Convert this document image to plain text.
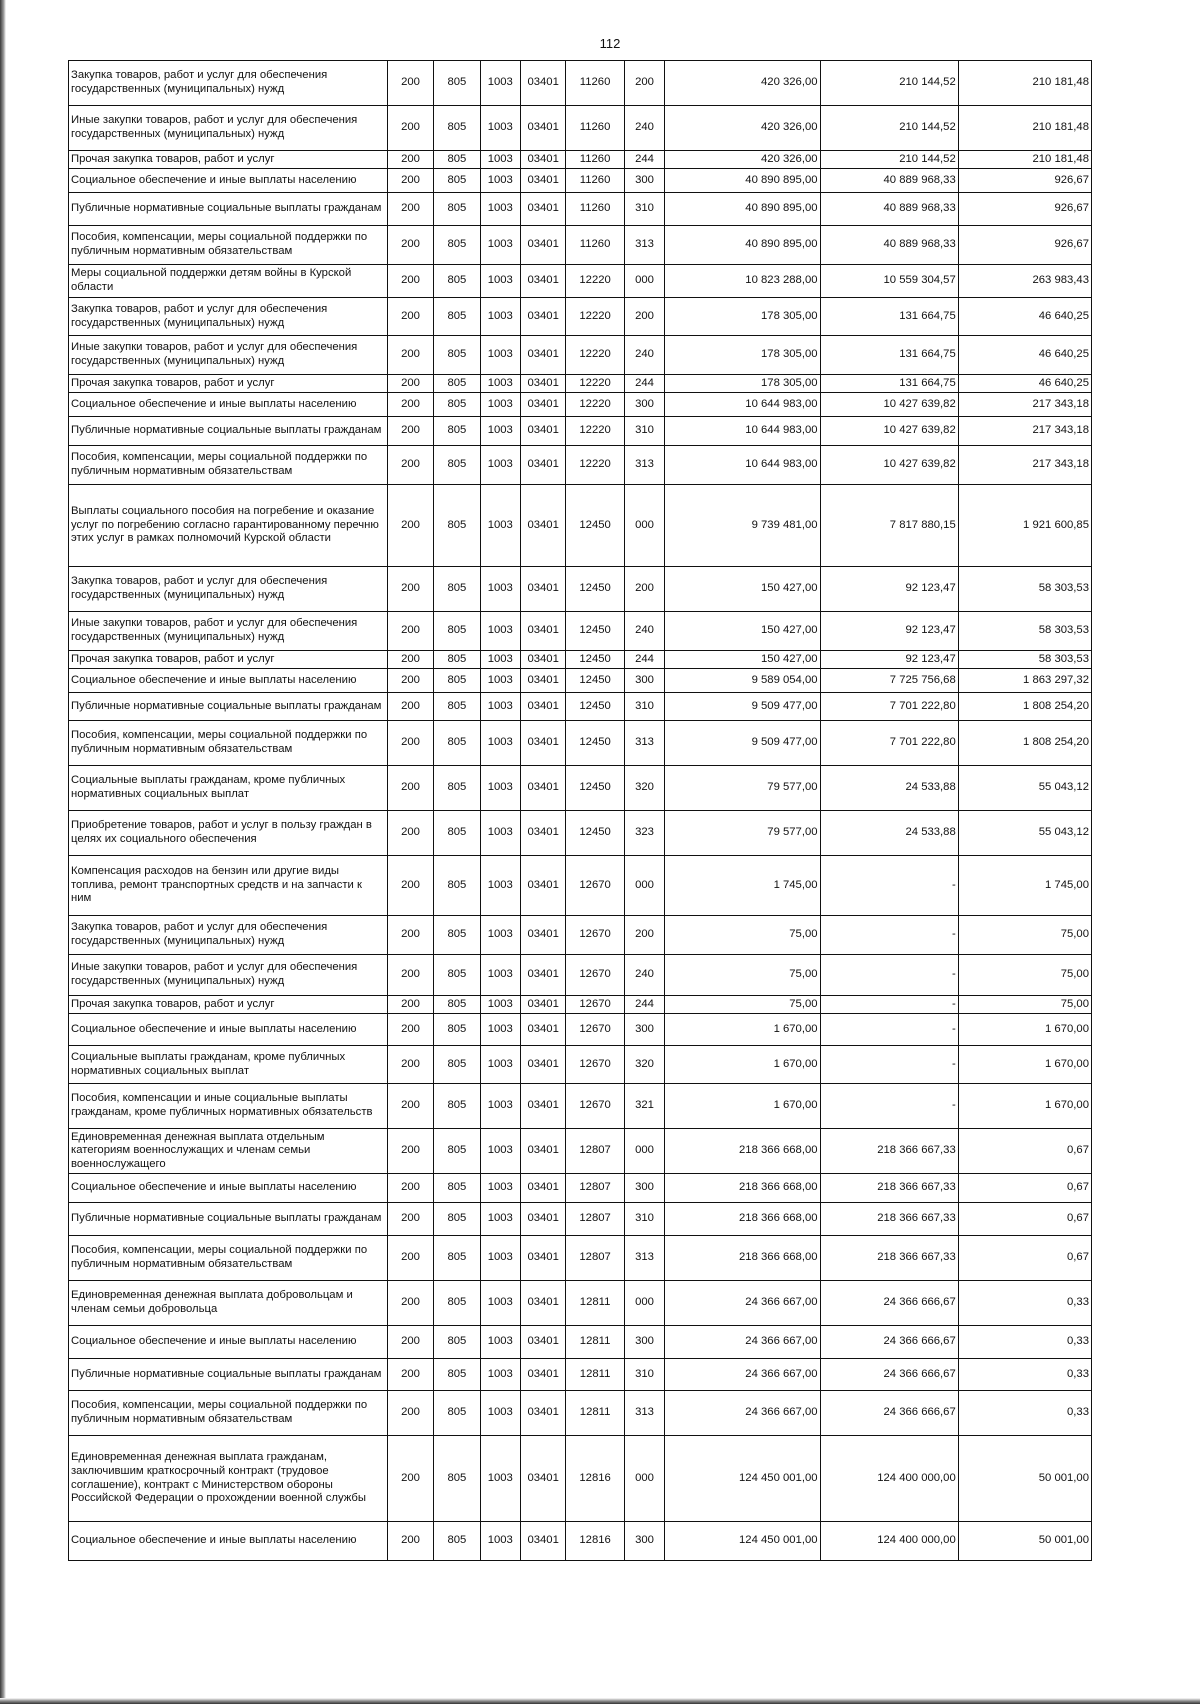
112
Закупка товаров, работ и услуг для обеспечения государственных (муниципальных) нужд	200	805	1003	03401	11260	200	420 326,00	210 144,52	210 181,48
Иные закупки товаров, работ и услуг для обеспечения государственных (муниципальных) нужд	200	805	1003	03401	11260	240	420 326,00	210 144,52	210 181,48
Прочая закупка товаров, работ и услуг	200	805	1003	03401	11260	244	420 326,00	210 144,52	210 181,48
Социальное обеспечение и иные выплаты населению	200	805	1003	03401	11260	300	40 890 895,00	40 889 968,33	926,67
Публичные нормативные социальные выплаты гражданам	200	805	1003	03401	11260	310	40 890 895,00	40 889 968,33	926,67
Пособия, компенсации, меры социальной поддержки по публичным нормативным обязательствам	200	805	1003	03401	11260	313	40 890 895,00	40 889 968,33	926,67
Меры социальной поддержки детям войны в Курской области	200	805	1003	03401	12220	000	10 823 288,00	10 559 304,57	263 983,43
Закупка товаров, работ и услуг для обеспечения государственных (муниципальных) нужд	200	805	1003	03401	12220	200	178 305,00	131 664,75	46 640,25
Иные закупки товаров, работ и услуг для обеспечения государственных (муниципальных) нужд	200	805	1003	03401	12220	240	178 305,00	131 664,75	46 640,25
Прочая закупка товаров, работ и услуг	200	805	1003	03401	12220	244	178 305,00	131 664,75	46 640,25
Социальное обеспечение и иные выплаты населению	200	805	1003	03401	12220	300	10 644 983,00	10 427 639,82	217 343,18
Публичные нормативные социальные выплаты гражданам	200	805	1003	03401	12220	310	10 644 983,00	10 427 639,82	217 343,18
Пособия, компенсации, меры социальной поддержки по публичным нормативным обязательствам	200	805	1003	03401	12220	313	10 644 983,00	10 427 639,82	217 343,18
Выплаты социального пособия на погребение и оказание услуг по погребению согласно гарантированному перечню этих услуг в рамках полномочий Курской области	200	805	1003	03401	12450	000	9 739 481,00	7 817 880,15	1 921 600,85
Закупка товаров, работ и услуг для обеспечения государственных (муниципальных) нужд	200	805	1003	03401	12450	200	150 427,00	92 123,47	58 303,53
Иные закупки товаров, работ и услуг для обеспечения государственных (муниципальных) нужд	200	805	1003	03401	12450	240	150 427,00	92 123,47	58 303,53
Прочая закупка товаров, работ и услуг	200	805	1003	03401	12450	244	150 427,00	92 123,47	58 303,53
Социальное обеспечение и иные выплаты населению	200	805	1003	03401	12450	300	9 589 054,00	7 725 756,68	1 863 297,32
Публичные нормативные социальные выплаты гражданам	200	805	1003	03401	12450	310	9 509 477,00	7 701 222,80	1 808 254,20
Пособия, компенсации, меры социальной поддержки по публичным нормативным обязательствам	200	805	1003	03401	12450	313	9 509 477,00	7 701 222,80	1 808 254,20
Социальные выплаты гражданам, кроме публичных нормативных социальных выплат	200	805	1003	03401	12450	320	79 577,00	24 533,88	55 043,12
Приобретение товаров, работ и услуг в пользу граждан в целях их социального обеспечения	200	805	1003	03401	12450	323	79 577,00	24 533,88	55 043,12
Компенсация расходов на бензин или другие виды топлива, ремонт транспортных средств и на запчасти к ним	200	805	1003	03401	12670	000	1 745,00	-	1 745,00
Закупка товаров, работ и услуг для обеспечения государственных (муниципальных) нужд	200	805	1003	03401	12670	200	75,00	-	75,00
Иные закупки товаров, работ и услуг для обеспечения государственных (муниципальных) нужд	200	805	1003	03401	12670	240	75,00	-	75,00
Прочая закупка товаров, работ и услуг	200	805	1003	03401	12670	244	75,00	-	75,00
Социальное обеспечение и иные выплаты населению	200	805	1003	03401	12670	300	1 670,00	-	1 670,00
Социальные выплаты гражданам, кроме публичных нормативных социальных выплат	200	805	1003	03401	12670	320	1 670,00	-	1 670,00
Пособия, компенсации и иные социальные выплаты гражданам, кроме публичных нормативных обязательств	200	805	1003	03401	12670	321	1 670,00	-	1 670,00
Единовременная денежная выплата отдельным категориям военнослужащих и членам семьи военнослужащего	200	805	1003	03401	12807	000	218 366 668,00	218 366 667,33	0,67
Социальное обеспечение и иные выплаты населению	200	805	1003	03401	12807	300	218 366 668,00	218 366 667,33	0,67
Публичные нормативные социальные выплаты гражданам	200	805	1003	03401	12807	310	218 366 668,00	218 366 667,33	0,67
Пособия, компенсации, меры социальной поддержки по публичным нормативным обязательствам	200	805	1003	03401	12807	313	218 366 668,00	218 366 667,33	0,67
Единовременная денежная выплата добровольцам и членам семьи добровольца	200	805	1003	03401	12811	000	24 366 667,00	24 366 666,67	0,33
Социальное обеспечение и иные выплаты населению	200	805	1003	03401	12811	300	24 366 667,00	24 366 666,67	0,33
Публичные нормативные социальные выплаты гражданам	200	805	1003	03401	12811	310	24 366 667,00	24 366 666,67	0,33
Пособия, компенсации, меры социальной поддержки по публичным нормативным обязательствам	200	805	1003	03401	12811	313	24 366 667,00	24 366 666,67	0,33
Единовременная денежная выплата гражданам, заключившим краткосрочный контракт (трудовое соглашение), контракт с Министерством обороны Российской Федерации о прохождении военной службы	200	805	1003	03401	12816	000	124 450 001,00	124 400 000,00	50 001,00
Социальное обеспечение и иные выплаты населению	200	805	1003	03401	12816	300	124 450 001,00	124 400 000,00	50 001,00
